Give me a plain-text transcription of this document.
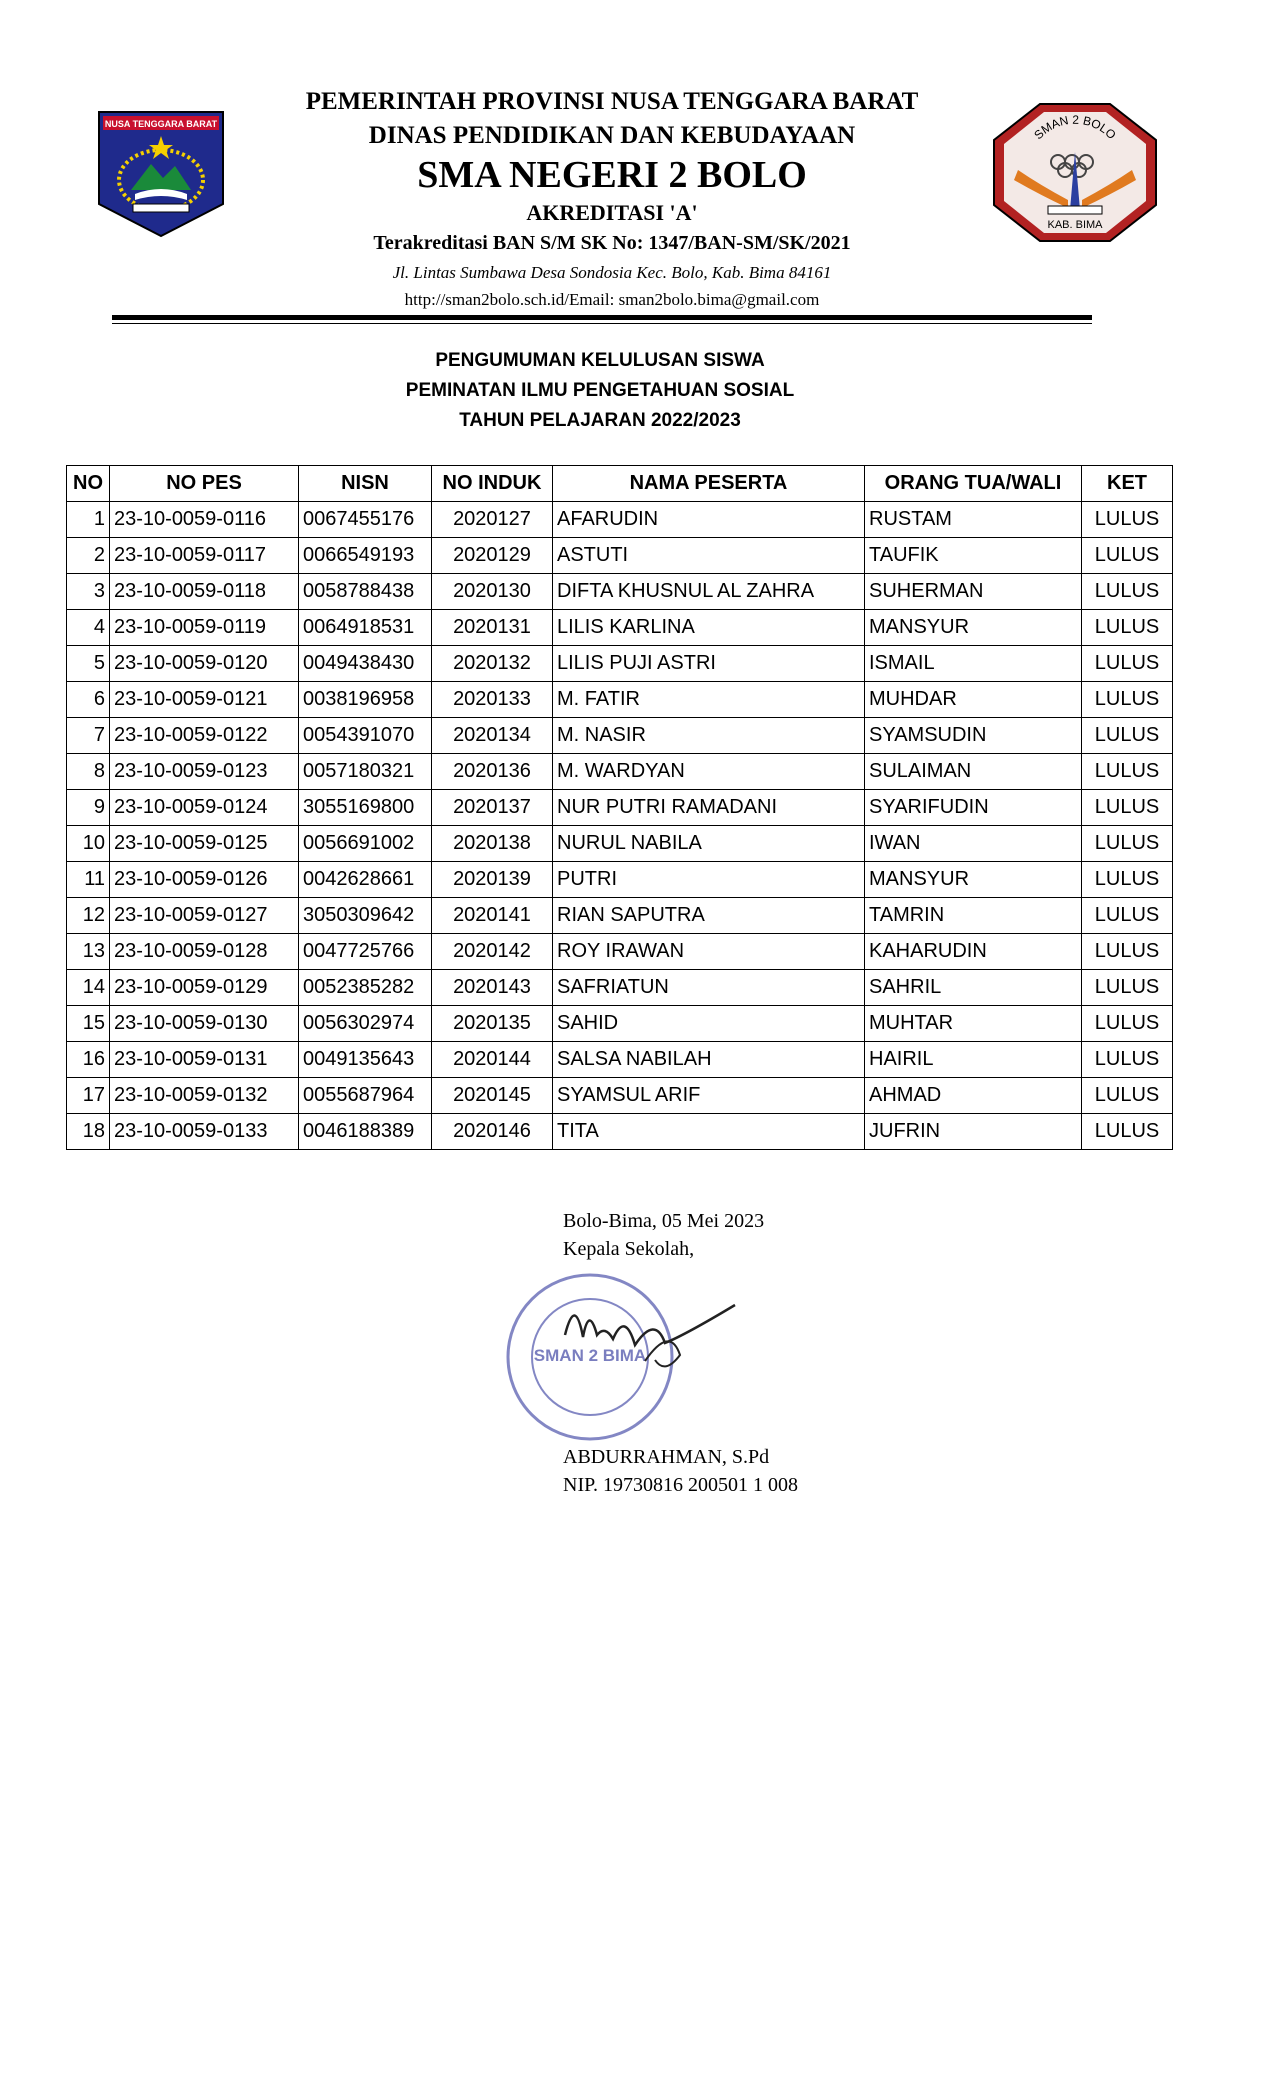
NUSA TENGGARA BARAT
SMAN 2 BOLO
KAB. BIMA
PEMERINTAH PROVINSI NUSA TENGGARA BARAT
DINAS PENDIDIKAN DAN KEBUDAYAAN
SMA NEGERI 2 BOLO
AKREDITASI 'A'
Terakreditasi BAN S/M SK No: 1347/BAN-SM/SK/2021
Jl. Lintas Sumbawa Desa Sondosia Kec. Bolo, Kab. Bima 84161
http://sman2bolo.sch.id/Email: sman2bolo.bima@gmail.com
PENGUMUMAN KELULUSAN SISWA
PEMINATAN ILMU PENGETAHUAN SOSIAL
TAHUN PELAJARAN 2022/2023
NO	NO PES	NISN	NO INDUK	NAMA PESERTA	ORANG TUA/WALI	KET
1	23-10-0059-0116	0067455176	2020127	AFARUDIN	RUSTAM	LULUS
2	23-10-0059-0117	0066549193	2020129	ASTUTI	TAUFIK	LULUS
3	23-10-0059-0118	0058788438	2020130	DIFTA KHUSNUL AL ZAHRA	SUHERMAN	LULUS
4	23-10-0059-0119	0064918531	2020131	LILIS KARLINA	MANSYUR	LULUS
5	23-10-0059-0120	0049438430	2020132	LILIS PUJI ASTRI	ISMAIL	LULUS
6	23-10-0059-0121	0038196958	2020133	M. FATIR	MUHDAR	LULUS
7	23-10-0059-0122	0054391070	2020134	M. NASIR	SYAMSUDIN	LULUS
8	23-10-0059-0123	0057180321	2020136	M. WARDYAN	SULAIMAN	LULUS
9	23-10-0059-0124	3055169800	2020137	NUR PUTRI RAMADANI	SYARIFUDIN	LULUS
10	23-10-0059-0125	0056691002	2020138	NURUL NABILA	IWAN	LULUS
11	23-10-0059-0126	0042628661	2020139	PUTRI	MANSYUR	LULUS
12	23-10-0059-0127	3050309642	2020141	RIAN SAPUTRA	TAMRIN	LULUS
13	23-10-0059-0128	0047725766	2020142	ROY IRAWAN	KAHARUDIN	LULUS
14	23-10-0059-0129	0052385282	2020143	SAFRIATUN	SAHRIL	LULUS
15	23-10-0059-0130	0056302974	2020135	SAHID	MUHTAR	LULUS
16	23-10-0059-0131	0049135643	2020144	SALSA NABILAH	HAIRIL	LULUS
17	23-10-0059-0132	0055687964	2020145	SYAMSUL ARIF	AHMAD	LULUS
18	23-10-0059-0133	0046188389	2020146	TITA	JUFRIN	LULUS
Bolo-Bima, 05 Mei 2023
Kepala Sekolah,
SMAN 2 BIMA
ABDURRAHMAN, S.Pd
NIP. 19730816 200501 1 008
